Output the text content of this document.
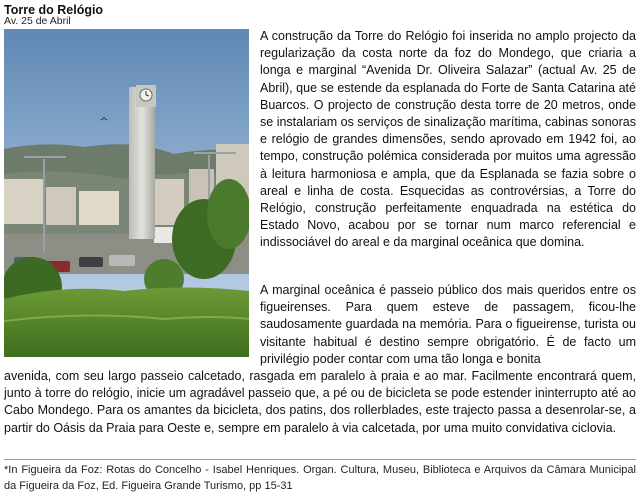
Torre do Relógio
Av. 25 de Abril

A construção da Torre do Relógio foi inserida no amplo projecto da regularização da costa norte da foz do Mondego, que criaria a longa e marginal “Avenida Dr. Oliveira Salazar” (actual Av. 25 de Abril), que se estende da esplanada do Forte de Santa Catarina até Buarcos. O projecto de construção desta torre de 20 metros, onde se instalariam os serviços de sinalização marítima, cabinas sonoras e relógio de grandes dimensões, sendo aprovado em 1942 foi, ao tempo, construção polémica considerada por muitos uma agressão à leitura harmoniosa e ampla, que da Esplanada se fazia sobre o areal e linha de costa. Esquecidas as controvérsias, a Torre do Relógio, construção perfeitamente enquadrada na estética do Estado Novo, acabou por se tornar num marco referencial e indissociável do areal e da marginal oceânica que domina.

A marginal oceânica é passeio público dos mais queridos entre os figueirenses. Para quem esteve de passagem, ficou-lhe saudosamente guardada na memória. Para o figueirense, turista ou visitante habitual é destino sempre obrigatório. É de facto um privilégio poder contar com uma tão longa e bonita
avenida, com seu largo passeio calcetado, rasgada em paralelo à praia e ao mar. Facilmente encontrará quem, junto à torre do relógio, inicie um agradável passeio que, a pé ou de bicicleta se pode estender ininterrupto até ao Cabo Mondego. Para os amantes da bicicleta, dos patins, dos rollerblades, este trajecto passa a desenrolar-se, a partir do Oásis da Praia para Oeste e, sempre em paralelo à via calcetada, por uma muito convidativa ciclovia.
*In Figueira da Foz: Rotas do Concelho - Isabel Henriques. Organ. Cultura, Museu, Biblioteca e Arquivos da Câmara Municipal da Figueira da Foz, Ed. Figueira Grande Turismo, pp 15-31
